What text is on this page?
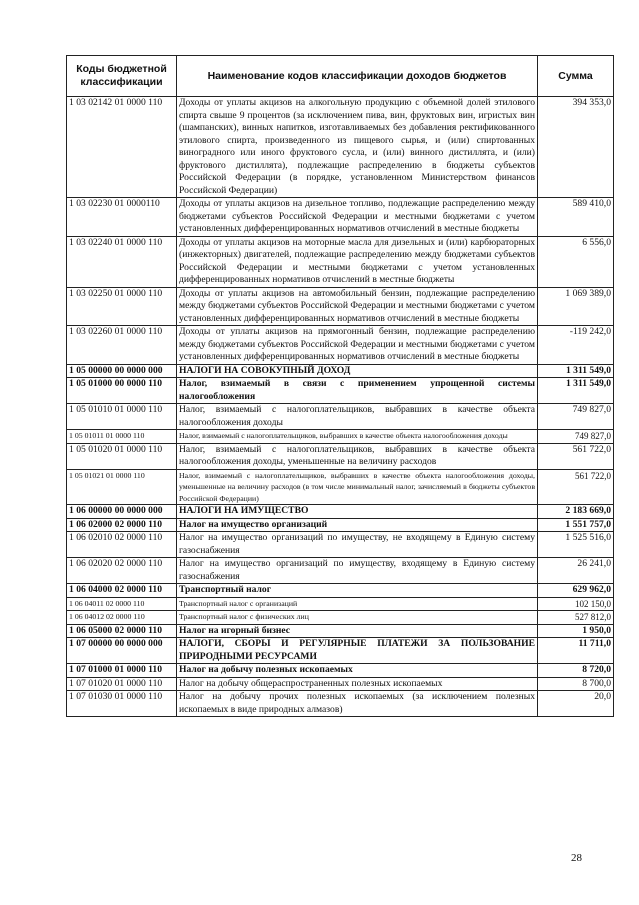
Коды бюджетной классификации	Наименование кодов классификации доходов бюджетов	Сумма
1 03 02142 01 0000 110	Доходы от уплаты акцизов на алкогольную продукцию с объемной долей этилового спирта свыше 9 процентов (за исключением пива, вин, фруктовых вин, игристых вин (шампанских), винных напитков, изготавливаемых без добавления ректификованного этилового спирта, произведенного из пищевого сырья, и (или) спиртованных виноградного или иного фруктового сусла, и (или) винного дистиллята, и (или) фруктового дистиллята), подлежащие распределению в бюджеты субъектов Российской Федерации (в порядке, установленном Министерством финансов Российской Федерации)	394 353,0
1 03 02230 01 0000110	Доходы от уплаты акцизов на дизельное топливо, подлежащие распределению между бюджетами субъектов Российской Федерации и местными бюджетами с учетом установленных дифференцированных нормативов отчислений в местные бюджеты	589 410,0
1 03 02240 01 0000 110	Доходы от уплаты акцизов на моторные масла для дизельных и (или) карбюраторных (инжекторных) двигателей, подлежащие распределению между бюджетами субъектов Российской Федерации и местными бюджетами с учетом установленных дифференцированных нормативов отчислений в местные бюджеты	6 556,0
1 03 02250 01 0000 110	Доходы от уплаты акцизов на автомобильный бензин, подлежащие распределению между бюджетами субъектов Российской Федерации и местными бюджетами с учетом установленных дифференцированных нормативов отчислений в местные бюджеты	1 069 389,0
1 03 02260 01 0000 110	Доходы от уплаты акцизов на прямогонный бензин, подлежащие распределению между бюджетами субъектов Российской Федерации и местными бюджетами с учетом установленных дифференцированных нормативов отчислений в местные бюджеты	-119 242,0
1 05 00000 00 0000 000	НАЛОГИ НА СОВОКУПНЫЙ ДОХОД	1 311 549,0
1 05 01000 00 0000 110	Налог, взимаемый в связи с применением упрощенной системы налогообложения	1 311 549,0
1 05 01010 01 0000 110	Налог, взимаемый с налогоплательщиков, выбравших в качестве объекта налогообложения доходы	749 827,0
1 05 01011 01 0000 110	Налог, взимаемый с налогоплательщиков, выбравших в качестве объекта налогообложения доходы	749 827,0
1 05 01020 01 0000 110	Налог, взимаемый с налогоплательщиков, выбравших в качестве объекта налогообложения доходы, уменьшенные на величину расходов	561 722,0
1 05 01021 01 0000 110	Налог, взимаемый с налогоплательщиков, выбравших в качестве объекта налогообложения доходы, уменьшенные на величину расходов (в том числе минимальный налог, зачисляемый в бюджеты субъектов Российской Федерации)	561 722,0
1 06 00000 00 0000 000	НАЛОГИ НА ИМУЩЕСТВО	2 183 669,0
1 06 02000 02 0000 110	Налог на имущество организаций	1 551 757,0
1 06 02010 02 0000 110	Налог на имущество организаций по имуществу, не входящему в Единую систему газоснабжения	1 525 516,0
1 06 02020 02 0000 110	Налог на имущество организаций по имуществу, входящему в Единую систему газоснабжения	26 241,0
1 06 04000 02 0000 110	Транспортный налог	629 962,0
1 06 04011 02 0000 110	Транспортный налог с организаций	102 150,0
1 06 04012 02 0000 110	Транспортный налог с физических лиц	527 812,0
1 06 05000 02 0000 110	Налог на игорный бизнес	1 950,0
1 07 00000 00 0000 000	НАЛОГИ, СБОРЫ И РЕГУЛЯРНЫЕ ПЛАТЕЖИ ЗА ПОЛЬЗОВАНИЕ ПРИРОДНЫМИ РЕСУРСАМИ	11 711,0
1 07 01000 01 0000 110	Налог на добычу полезных ископаемых	8 720,0
1 07 01020 01 0000 110	Налог на добычу общераспространенных полезных ископаемых	8 700,0
1 07 01030 01 0000 110	Налог на добычу прочих полезных ископаемых (за исключением полезных ископаемых в виде природных алмазов)	20,0
28
